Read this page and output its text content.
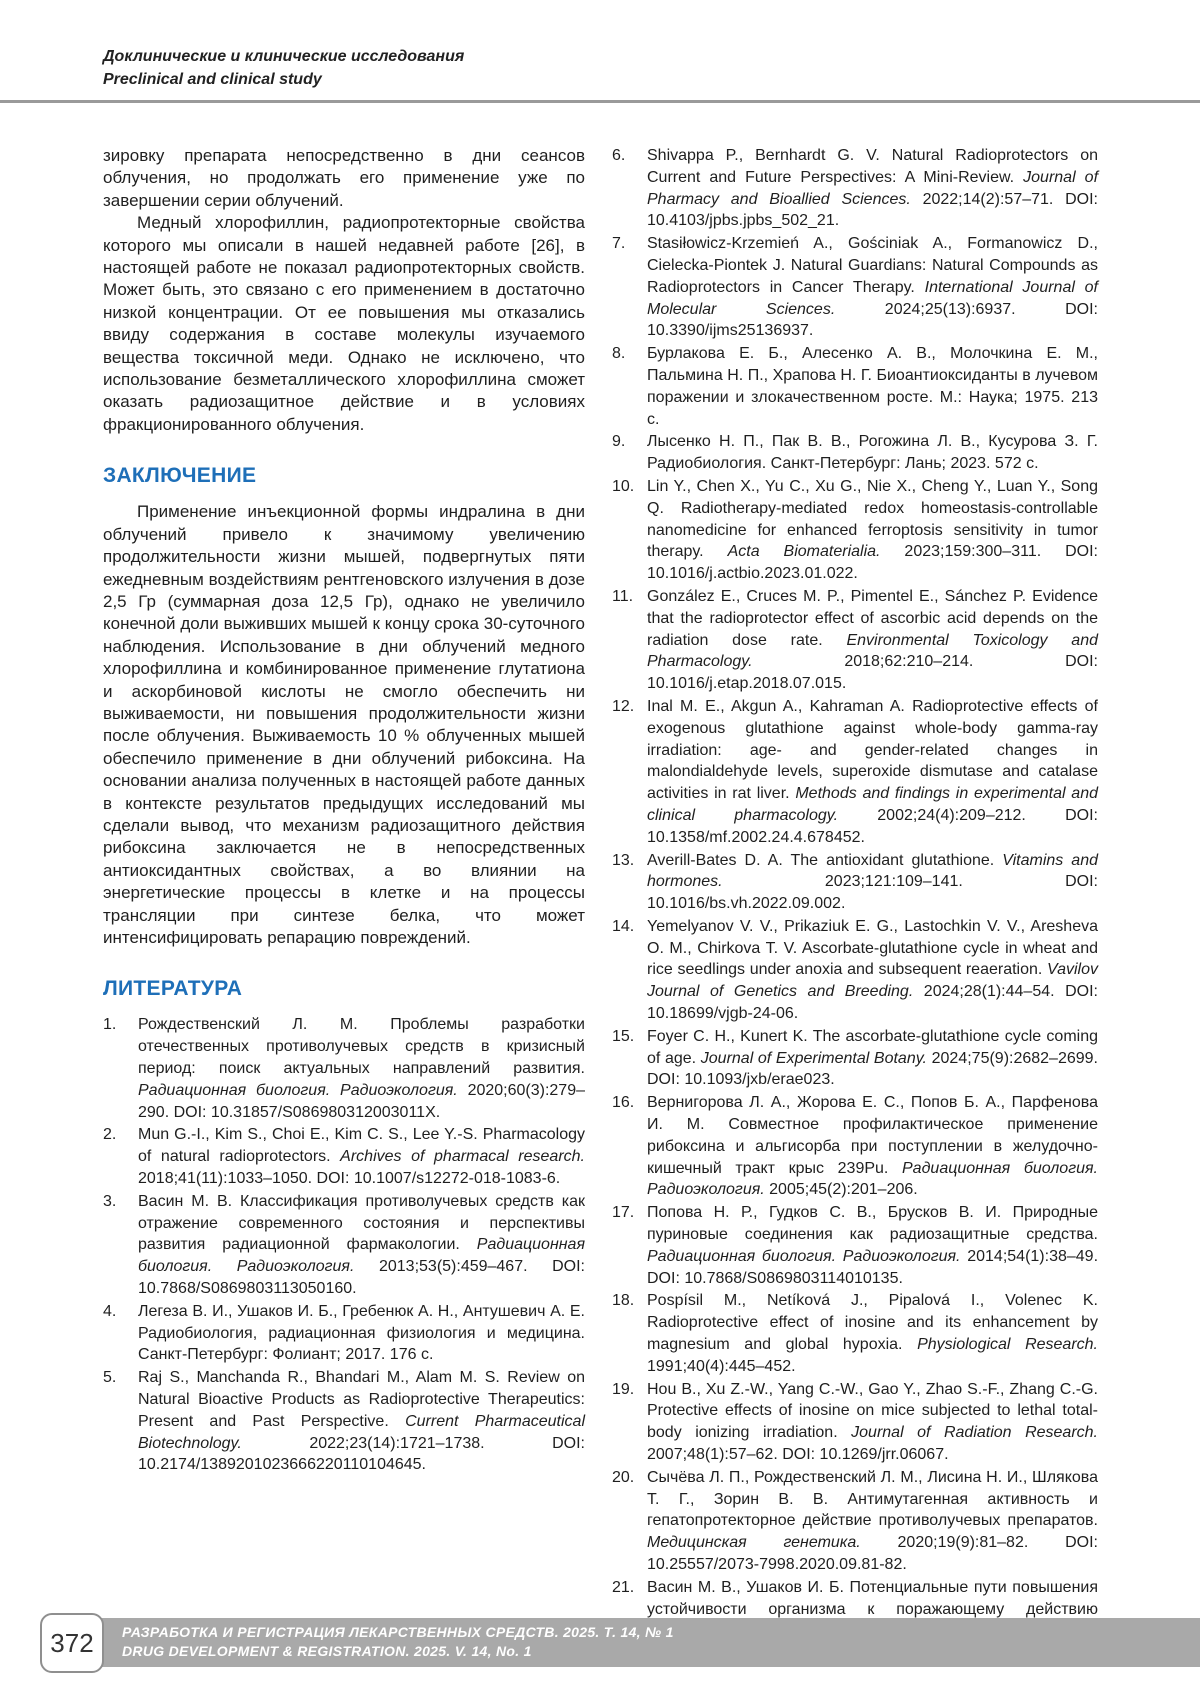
Доклинические и клинические исследования
Preclinical and clinical study

зировку препарата непосредственно в дни сеансов облучения, но продолжать его применение уже по завершении серии облучений.

Медный хлорофиллин, радиопротекторные свойства которого мы описали в нашей недавней работе [26], в настоящей работе не показал радиопротекторных свойств. Может быть, это связано с его применением в достаточно низкой концентрации. От ее повышения мы отказались ввиду содержания в составе молекулы изучаемого вещества токсичной меди. Однако не исключено, что использование безметаллического хлорофиллина сможет оказать радиозащитное действие и в условиях фракционированного облучения.

ЗАКЛЮЧЕНИЕ

Применение инъекционной формы индралина в дни облучений привело к значимому увеличению продолжительности жизни мышей, подвергнутых пяти ежедневным воздействиям рентгеновского излучения в дозе 2,5 Гр (суммарная доза 12,5 Гр), однако не увеличило конечной доли выживших мышей к концу срока 30-суточного наблюдения. Использование в дни облучений медного хлорофиллина и комбинированное применение глутатиона и аскорбиновой кислоты не смогло обеспечить ни выживаемости, ни повышения продолжительности жизни после облучения. Выживаемость 10 % облученных мышей обеспечило применение в дни облучений рибоксина. На основании анализа полученных в настоящей работе данных в контексте результатов предыдущих исследований мы сделали вывод, что механизм радиозащитного действия рибоксина заключается не в непосредственных антиоксидантных свойствах, а во влиянии на энергетические процессы в клетке и на процессы трансляции при синтезе белка, что может интенсифицировать репарацию повреждений.

ЛИТЕРАТУРА
1. Рождественский Л. М. Проблемы разработки отечественных противолучевых средств в кризисный период: поиск актуальных направлений развития. Радиационная биология. Радиоэкология. 2020;60(3):279–290. DOI: 10.31857/S086980312003011X.
2. Mun G.-I., Kim S., Choi E., Kim C. S., Lee Y.-S. Pharmacology of natural radioprotectors. Archives of pharmacal research. 2018;41(11):1033–1050. DOI: 10.1007/s12272-018-1083-6.
3. Васин М. В. Классификация противолучевых средств как отражение современного состояния и перспективы развития радиационной фармакологии. Радиационная биология. Радиоэкология. 2013;53(5):459–467. DOI: 10.7868/S0869803113050160.
4. Легеза В. И., Ушаков И. Б., Гребенюк А. Н., Антушевич А. Е. Радиобиология, радиационная физиология и медицина. Санкт-Петербург: Фолиант; 2017. 176 с.
5. Raj S., Manchanda R., Bhandari M., Alam M. S. Review on Natural Bioactive Products as Radioprotective Therapeutics: Present and Past Perspective. Current Pharmaceutical Biotechnology. 2022;23(14):1721–1738. DOI: 10.2174/1389201023666220110104645.
6. Shivappa P., Bernhardt G. V. Natural Radioprotectors on Current and Future Perspectives: A Mini-Review. Journal of Pharmacy and Bioallied Sciences. 2022;14(2):57–71. DOI: 10.4103/jpbs.jpbs_502_21.
7. Stasiłowicz-Krzemień A., Gościniak A., Formanowicz D., Cielecka-Piontek J. Natural Guardians: Natural Compounds as Radioprotectors in Cancer Therapy. International Journal of Molecular Sciences. 2024;25(13):6937. DOI: 10.3390/ijms25136937.
8. Бурлакова Е. Б., Алесенко А. В., Молочкина Е. М., Пальмина Н. П., Храпова Н. Г. Биоантиоксиданты в лучевом поражении и злокачественном росте. М.: Наука; 1975. 213 с.
9. Лысенко Н. П., Пак В. В., Рогожина Л. В., Кусурова З. Г. Радиобиология. Санкт-Петербург: Лань; 2023. 572 с.
10. Lin Y., Chen X., Yu C., Xu G., Nie X., Cheng Y., Luan Y., Song Q. Radiotherapy-mediated redox homeostasis-controllable nanomedicine for enhanced ferroptosis sensitivity in tumor therapy. Acta Biomaterialia. 2023;159:300–311. DOI: 10.1016/j.actbio.2023.01.022.
11. González E., Cruces M. P., Pimentel E., Sánchez P. Evidence that the radioprotector effect of ascorbic acid depends on the radiation dose rate. Environmental Toxicology and Pharmacology. 2018;62:210–214. DOI: 10.1016/j.etap.2018.07.015.
12. Inal M. E., Akgun A., Kahraman A. Radioprotective effects of exogenous glutathione against whole-body gamma-ray irradiation: age- and gender-related changes in malondialdehyde levels, superoxide dismutase and catalase activities in rat liver. Methods and findings in experimental and clinical pharmacology. 2002;24(4):209–212. DOI: 10.1358/mf.2002.24.4.678452.
13. Averill-Bates D. A. The antioxidant glutathione. Vitamins and hormones. 2023;121:109–141. DOI: 10.1016/bs.vh.2022.09.002.
14. Yemelyanov V. V., Prikaziuk E. G., Lastochkin V. V., Aresheva O. M., Chirkova T. V. Ascorbate-glutathione cycle in wheat and rice seedlings under anoxia and subsequent reaeration. Vavilov Journal of Genetics and Breeding. 2024;28(1):44–54. DOI: 10.18699/vjgb-24-06.
15. Foyer C. H., Kunert K. The ascorbate-glutathione cycle coming of age. Journal of Experimental Botany. 2024;75(9):2682–2699. DOI: 10.1093/jxb/erae023.
16. Вернигорова Л. А., Жорова Е. С., Попов Б. А., Парфенова И. М. Совместное профилактическое применение рибоксина и альгисорба при поступлении в желудочно-кишечный тракт крыс 239Pu. Радиационная биология. Радиоэкология. 2005;45(2):201–206.
17. Попова Н. Р., Гудков С. В., Брусков В. И. Природные пуриновые соединения как радиозащитные средства. Радиационная биология. Радиоэкология. 2014;54(1):38–49. DOI: 10.7868/S0869803114010135.
18. Pospísil M., Netíková J., Pipalová I., Volenec K. Radioprotective effect of inosine and its enhancement by magnesium and global hypoxia. Physiological Research. 1991;40(4):445–452.
19. Hou B., Xu Z.-W., Yang C.-W., Gao Y., Zhao S.-F., Zhang C.-G. Protective effects of inosine on mice subjected to lethal total-body ionizing irradiation. Journal of Radiation Research. 2007;48(1):57–62. DOI: 10.1269/jrr.06067.
20. Сычёва Л. П., Рождественский Л. М., Лисина Н. И., Шлякова Т. Г., Зорин В. В. Антимутагенная активность и гепатопротекторное действие противолучевых препаратов. Медицинская генетика. 2020;19(9):81–82. DOI: 10.25557/2073-7998.2020.09.81-82.
21. Васин М. В., Ушаков И. Б. Потенциальные пути повышения устойчивости организма к поражающему действию
РАЗРАБОТКА И РЕГИСТРАЦИЯ ЛЕКАРСТВЕННЫХ СРЕДСТВ. 2025. Т. 14, № 1
DRUG DEVELOPMENT & REGISTRATION. 2025. V. 14, No. 1
372
